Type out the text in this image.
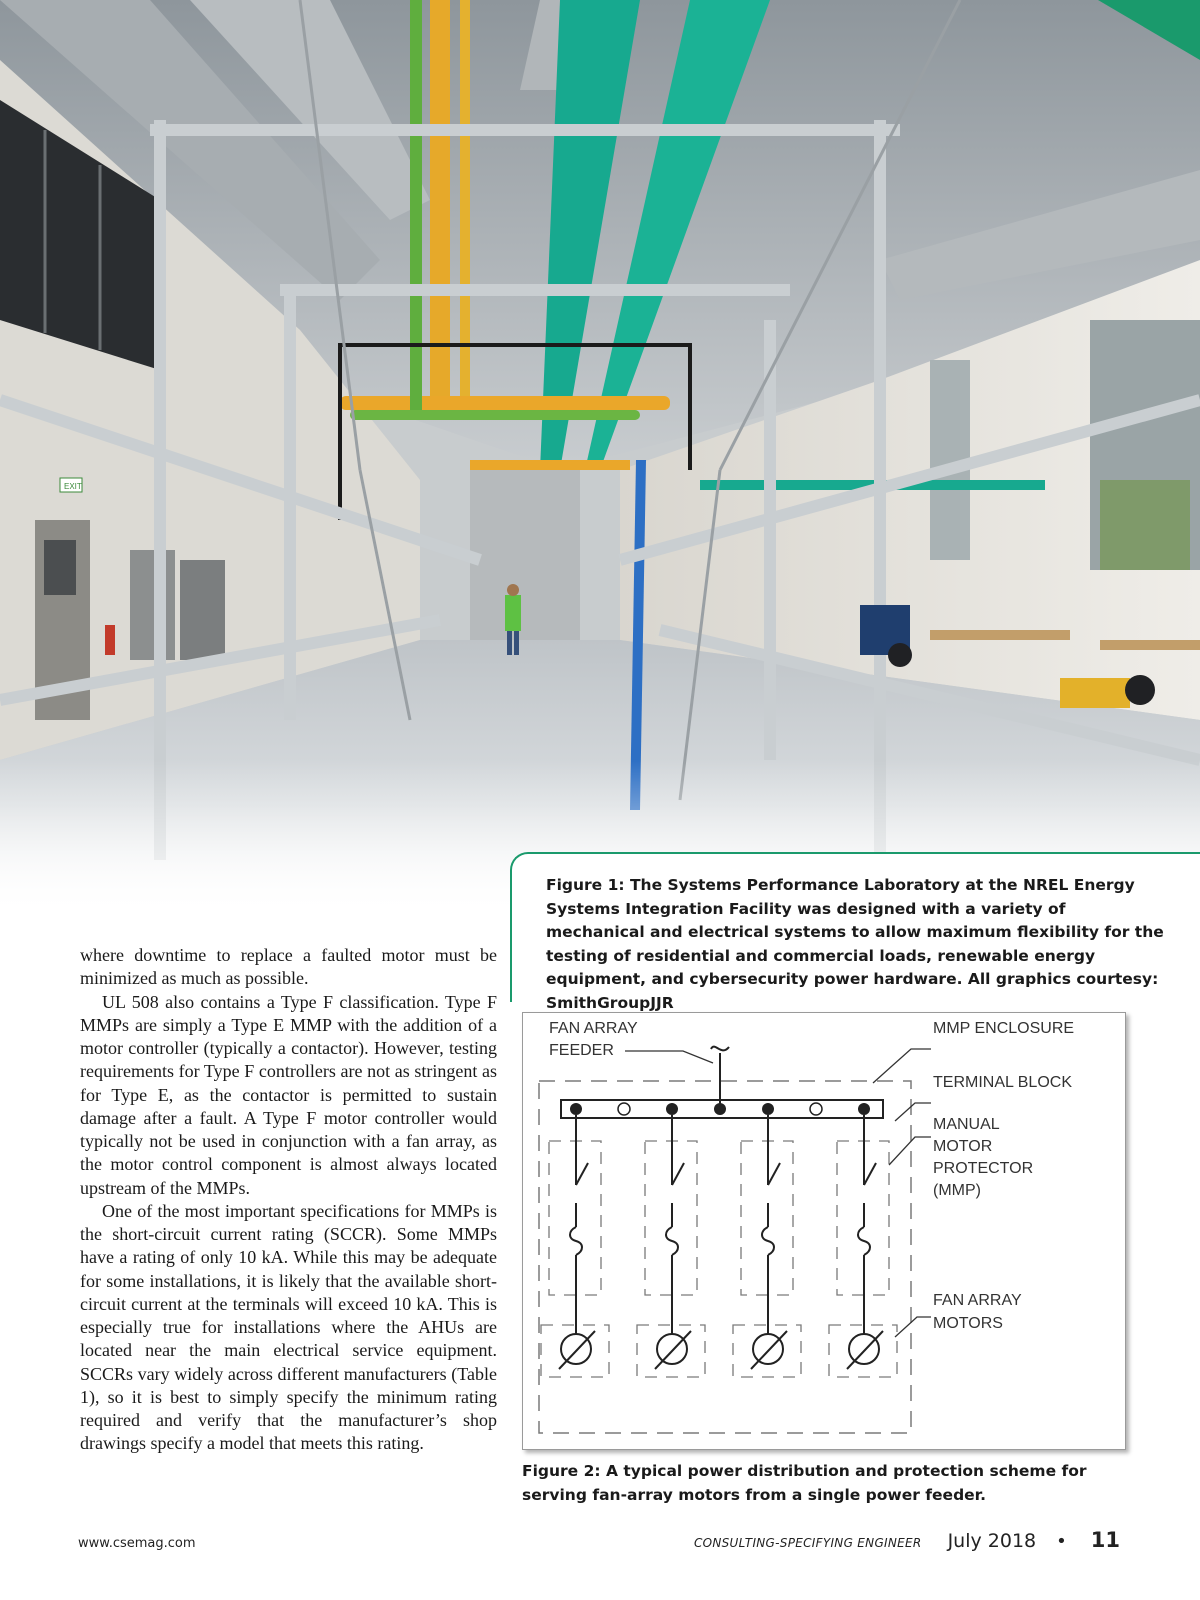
EXIT

where downtime to replace a faulted motor must be minimized as much as possible.

UL 508 also contains a Type F classification. Type F MMPs are simply a Type E MMP with the addition of a motor controller (typically a contactor). However, testing requirements for Type F controllers are not as stringent as for Type E, as the contactor is permitted to sustain damage after a fault. A Type F motor controller would typically not be used in conjunction with a fan array, as the motor control component is almost always located upstream of the MMPs.

One of the most important specifications for MMPs is the short-circuit current rating (SCCR). Some MMPs have a rating of only 10 kA. While this may be adequate for some installations, it is likely that the available short-circuit current at the terminals will exceed 10 kA. This is especially true for installations where the AHUs are located near the main electrical service equipment. SCCRs vary widely across different manufacturers (Table 1), so it is best to simply specify the minimum rating required and verify that the manufacturer’s shop drawings specify a model that meets this rating.

Figure 1: The Systems Performance Laboratory at the NREL Energy Systems Integration Facility was designed with a variety of mechanical and electrical systems to allow maximum flexibility for the testing of residential and commercial loads, renewable energy equipment, and cybersecurity power hardware. All graphics courtesy: SmithGroupJJR

FAN ARRAY
FEEDER
MMP ENCLOSURE
TERMINAL BLOCK
MANUAL
MOTOR
PROTECTOR
(MMP)
FAN ARRAY
MOTORS

Figure 2: A typical power distribution and protection scheme for serving fan-array motors from a single power feeder.

www.csemag.com	CONSULTING-SPECIFYING ENGINEER July 2018 • 11
